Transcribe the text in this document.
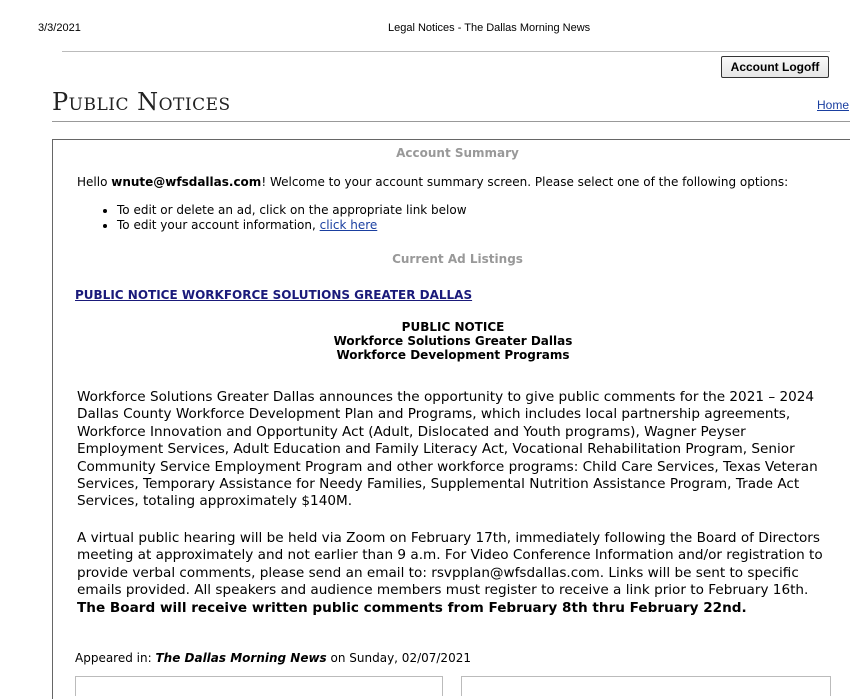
3/3/2021	Legal Notices - The Dallas Morning News
Account Logoff
Public Notices	Home
Account Summary
Hello wnute@wfsdallas.com! Welcome to your account summary screen. Please select one of the following options:
• To edit or delete an ad, click on the appropriate link below
• To edit your account information, click here
Current Ad Listings
PUBLIC NOTICE WORKFORCE SOLUTIONS GREATER DALLAS
PUBLIC NOTICE
Workforce Solutions Greater Dallas
Workforce Development Programs

Workforce Solutions Greater Dallas announces the opportunity to give public comments for the 2021 – 2024 Dallas County Workforce Development Plan and Programs, which includes local partnership agreements, Workforce Innovation and Opportunity Act (Adult, Dislocated and Youth programs), Wagner Peyser Employment Services, Adult Education and Family Literacy Act, Vocational Rehabilitation Program, Senior Community Service Employment Program and other workforce programs: Child Care Services, Texas Veteran Services, Temporary Assistance for Needy Families, Supplemental Nutrition Assistance Program, Trade Act Services, totaling approximately $140M.

A virtual public hearing will be held via Zoom on February 17th, immediately following the Board of Directors meeting at approximately and not earlier than 9 a.m. For Video Conference Information and/or registration to provide verbal comments, please send an email to: rsvpplan@wfsdallas.com. Links will be sent to specific emails provided. All speakers and audience members must register to receive a link prior to February 16th. The Board will receive written public comments from February 8th thru February 22nd.

Appeared in: The Dallas Morning News on Sunday, 02/07/2021
